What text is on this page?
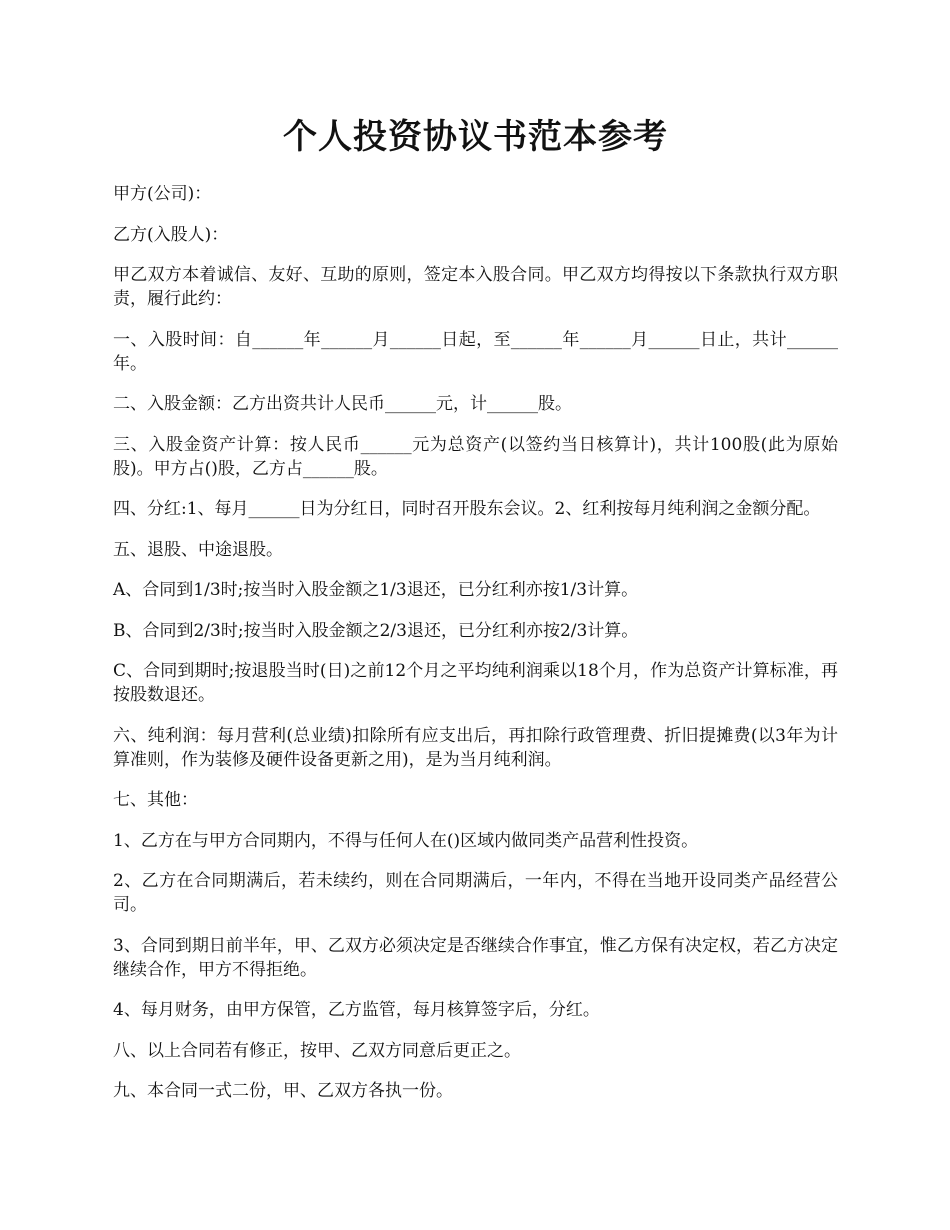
个人投资协议书范本参考

甲方(公司)：

乙方(入股人)：

甲乙双方本着诚信、友好、互助的原则，签定本入股合同。甲乙双方均得按以下条款执行双方职责，履行此约：

一、入股时间：自______年______月______日起，至______年______月______日止，共计______年。

二、入股金额：乙方出资共计人民币______元，计______股。

三、入股金资产计算：按人民币______元为总资产(以签约当日核算计)，共计100股(此为原始股)。甲方占()股，乙方占______股。

四、分红:1、每月______日为分红日，同时召开股东会议。2、红利按每月纯利润之金额分配。

五、退股、中途退股。

A、合同到1/3时;按当时入股金额之1/3退还，已分红利亦按1/3计算。

B、合同到2/3时;按当时入股金额之2/3退还，已分红利亦按2/3计算。

C、合同到期时;按退股当时(日)之前12个月之平均纯利润乘以18个月，作为总资产计算标准，再按股数退还。

六、纯利润：每月营利(总业绩)扣除所有应支出后，再扣除行政管理费、折旧提摊费(以3年为计算准则，作为装修及硬件设备更新之用)，是为当月纯利润。

七、其他：

1、乙方在与甲方合同期内，不得与任何人在()区域内做同类产品营利性投资。

2、乙方在合同期满后，若未续约，则在合同期满后，一年内，不得在当地开设同类产品经营公司。

3、合同到期日前半年，甲、乙双方必须决定是否继续合作事宜，惟乙方保有决定权，若乙方决定继续合作，甲方不得拒绝。

4、每月财务，由甲方保管，乙方监管，每月核算签字后，分红。

八、以上合同若有修正，按甲、乙双方同意后更正之。

九、本合同一式二份，甲、乙双方各执一份。
